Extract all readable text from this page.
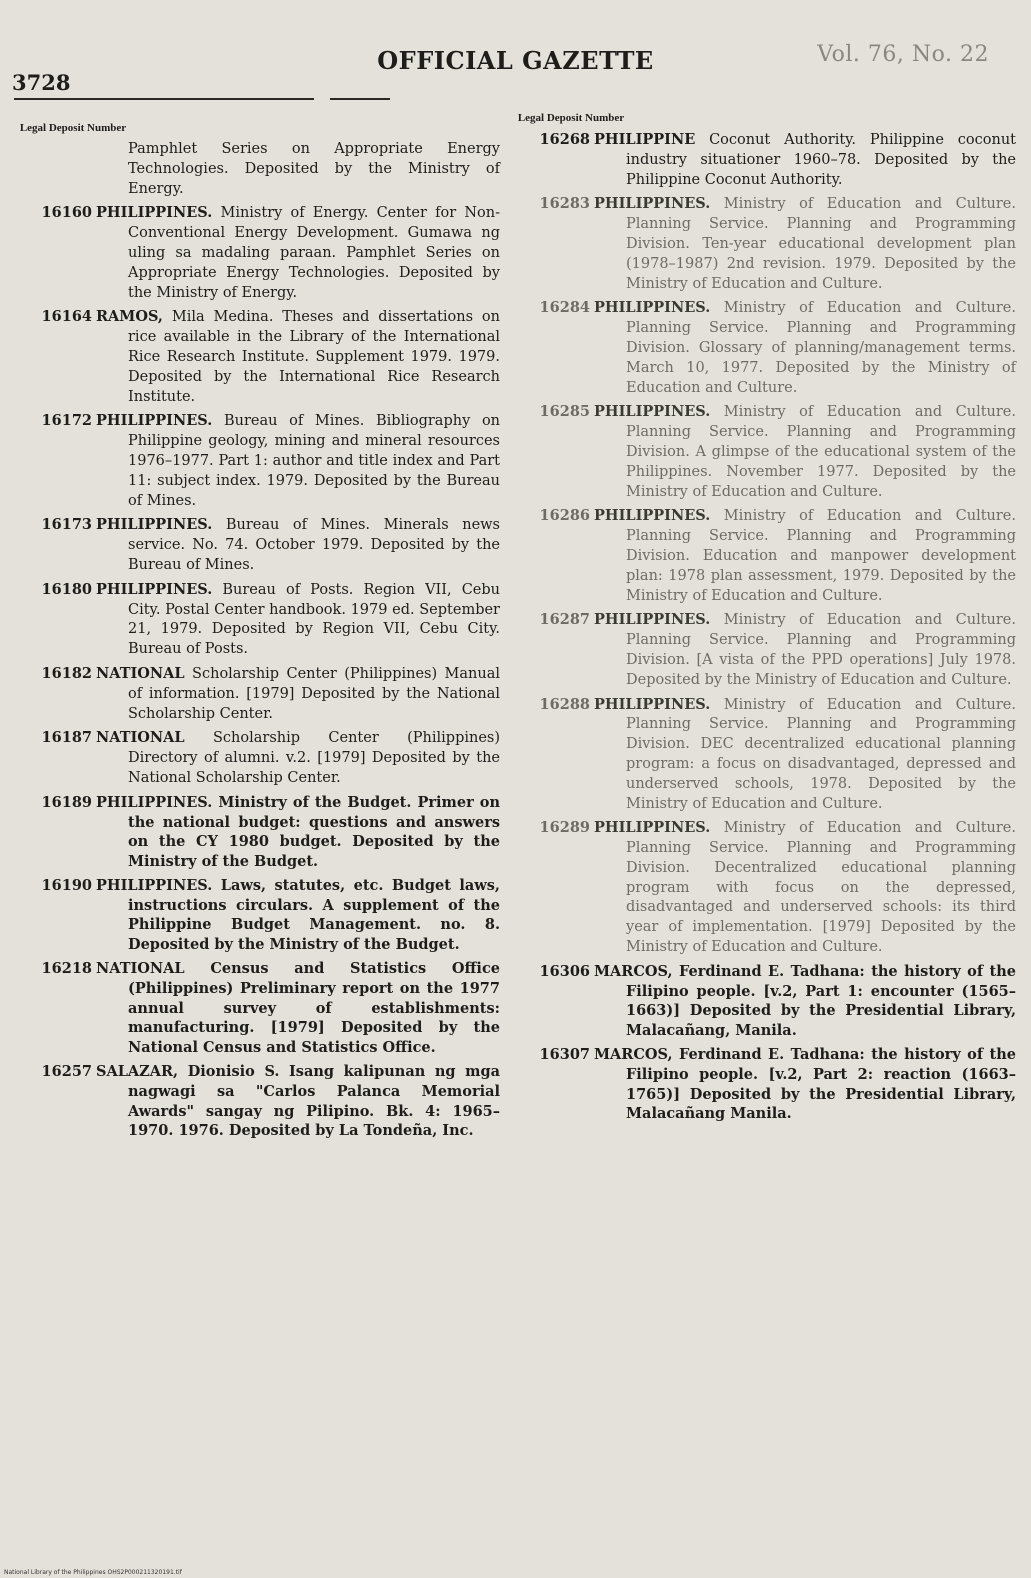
3728
OFFICIAL GAZETTE	Vol. 76, No. 22
Legal Deposit Number
Pamphlet Series on Appropriate Energy Technologies. Deposited by the Ministry of Energy.
16160 PHILIPPINES. Ministry of Energy. Center for Non-Conventional Energy Development. Gumawa ng uling sa madaling paraan. Pamphlet Series on Appropriate Energy Technologies. Deposited by the Ministry of Energy.
16164 RAMOS, Mila Medina. Theses and dissertations on rice available in the Library of the International Rice Research Institute. Supplement 1979. 1979. Deposited by the International Rice Research Institute.
16172 PHILIPPINES. Bureau of Mines. Bibliography on Philippine geology, mining and mineral resources 1976–1977. Part 1: author and title index and Part 11: subject index. 1979. Deposited by the Bureau of Mines.
16173 PHILIPPINES. Bureau of Mines. Minerals news service. No. 74. October 1979. Deposited by the Bureau of Mines.
16180 PHILIPPINES. Bureau of Posts. Region VII, Cebu City. Postal Center handbook. 1979 ed. September 21, 1979. Deposited by Region VII, Cebu City. Bureau of Posts.
16182 NATIONAL Scholarship Center (Philippines) Manual of information. [1979] Deposited by the National Scholarship Center.
16187 NATIONAL Scholarship Center (Philippines) Directory of alumni. v.2. [1979] Deposited by the National Scholarship Center.
16189 PHILIPPINES. Ministry of the Budget. Primer on the national budget: questions and answers on the CY 1980 budget. Deposited by the Ministry of the Budget.
16190 PHILIPPINES. Laws, statutes, etc. Budget laws, instructions circulars. A supplement of the Philippine Budget Management. no. 8. Deposited by the Ministry of the Budget.
16218 NATIONAL Census and Statistics Office (Philippines) Preliminary report on the 1977 annual survey of establishments: manufacturing. [1979] Deposited by the National Census and Statistics Office.
16257 SALAZAR, Dionisio S. Isang kalipunan ng mga nagwagi sa "Carlos Palanca Memorial Awards" sangay ng Pilipino. Bk. 4: 1965–1970. 1976. Deposited by La Tondeña, Inc.
Legal Deposit Number
16268 PHILIPPINE Coconut Authority. Philippine coconut industry situationer 1960–78. Deposited by the Philippine Coconut Authority.
16283 PHILIPPINES. Ministry of Education and Culture. Planning Service. Planning and Programming Division. Ten-year educational development plan (1978–1987) 2nd revision. 1979. Deposited by the Ministry of Education and Culture.
16284 PHILIPPINES. Ministry of Education and Culture. Planning Service. Planning and Programming Division. Glossary of planning/management terms. March 10, 1977. Deposited by the Ministry of Education and Culture.
16285 PHILIPPINES. Ministry of Education and Culture. Planning Service. Planning and Programming Division. A glimpse of the educational system of the Philippines. November 1977. Deposited by the Ministry of Education and Culture.
16286 PHILIPPINES. Ministry of Education and Culture. Planning Service. Planning and Programming Division. Education and manpower development plan: 1978 plan assessment, 1979. Deposited by the Ministry of Education and Culture.
16287 PHILIPPINES. Ministry of Education and Culture. Planning Service. Planning and Programming Division. [A vista of the PPD operations] July 1978. Deposited by the Ministry of Education and Culture.
16288 PHILIPPINES. Ministry of Education and Culture. Planning Service. Planning and Programming Division. DEC decentralized educational planning program: a focus on disadvantaged, depressed and underserved schools, 1978. Deposited by the Ministry of Education and Culture.
16289 PHILIPPINES. Ministry of Education and Culture. Planning Service. Planning and Programming Division. Decentralized educational planning program with focus on the depressed, disadvantaged and underserved schools: its third year of implementation. [1979] Deposited by the Ministry of Education and Culture.
16306 MARCOS, Ferdinand E. Tadhana: the history of the Filipino people. [v.2, Part 1: encounter (1565–1663)] Deposited by the Presidential Library, Malacañang, Manila.
16307 MARCOS, Ferdinand E. Tadhana: the history of the Filipino people. [v.2, Part 2: reaction (1663–1765)] Deposited by the Presidential Library, Malacañang Manila.
National Library of the Philippines OHS2P000211320191.tif
